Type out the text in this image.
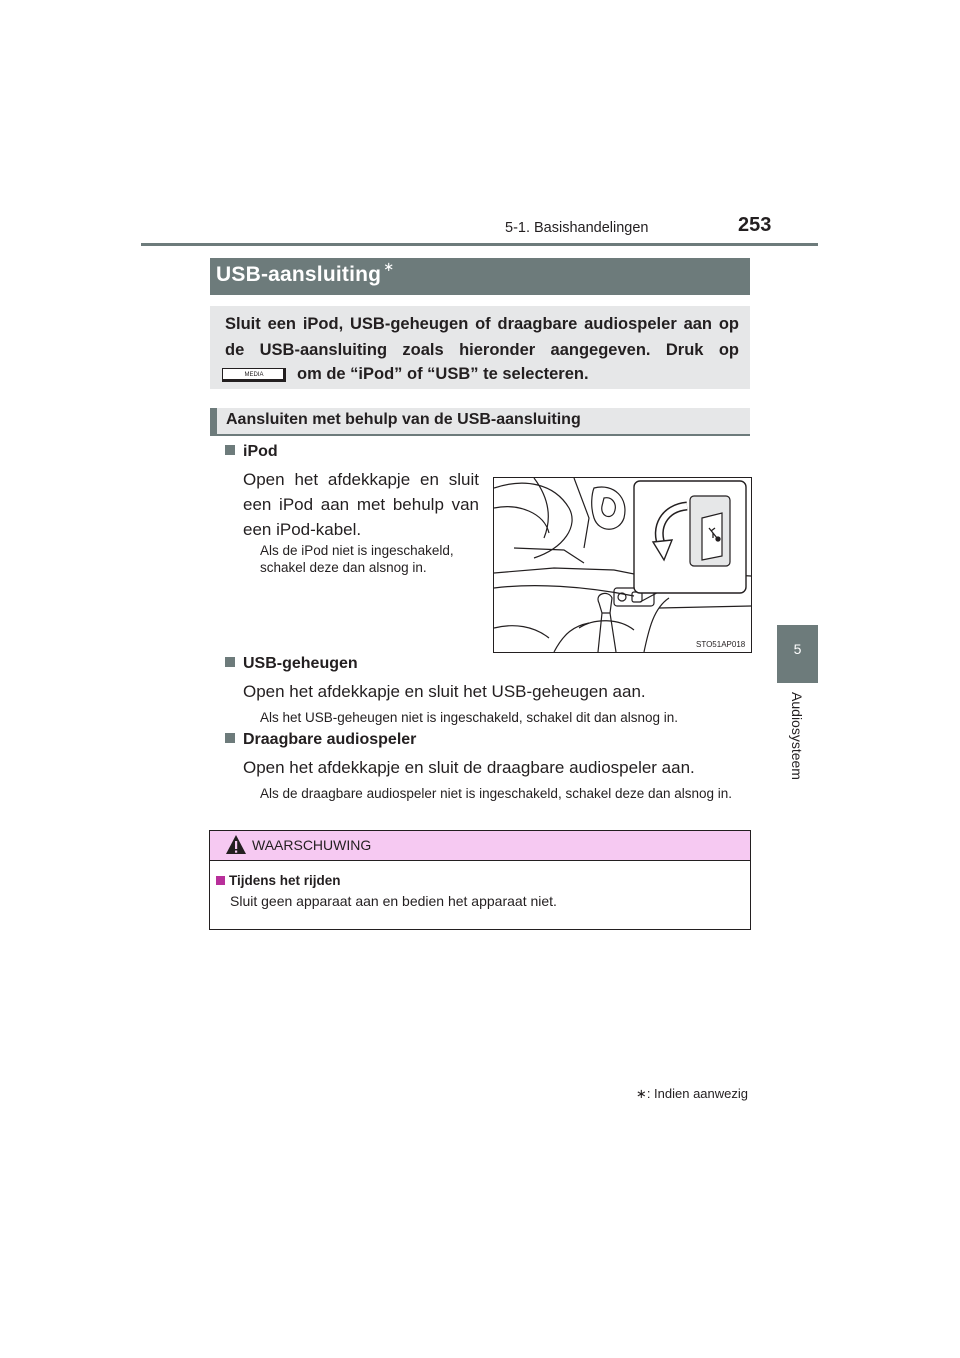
5-1. Basishandelingen	253
5
Audiosysteem
USB-aansluiting ∗
Sluit een iPod, USB-geheugen of draagbare audiospeler aan op
de USB-aansluiting zoals hieronder aangegeven. Druk op
MEDIA	om de “iPod” of “USB” te selecteren.
Aansluiten met behulp van de USB-aansluiting
iPod
Open het afdekkapje en sluit een iPod aan met behulp van een iPod-kabel.
Als de iPod niet is ingeschakeld, schakel deze dan alsnog in.
STO51AP018
USB-geheugen
Open het afdekkapje en sluit het USB-geheugen aan.
Als het USB-geheugen niet is ingeschakeld, schakel dit dan alsnog in.
Draagbare audiospeler
Open het afdekkapje en sluit de draagbare audiospeler aan.
Als de draagbare audiospeler niet is ingeschakeld, schakel deze dan alsnog in.
WAARSCHUWING
Tijdens het rijden
Sluit geen apparaat aan en bedien het apparaat niet.
∗: Indien aanwezig
